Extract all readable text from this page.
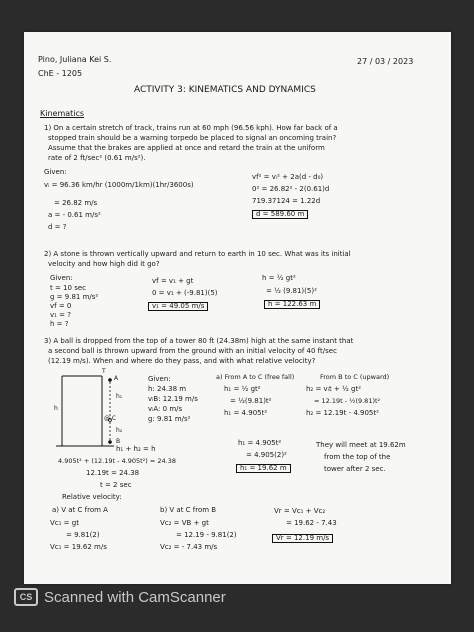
Pino, Juliana Kei S.
ChE - 1205
27 / 03 / 2023
ACTIVITY 3: KINEMATICS AND DYNAMICS
Kinematics
1) On a certain stretch of track, trains run at 60 mph (96.56 kph). How far back of a
stopped train should be a warning torpedo be placed to signal an oncoming train?
Assume that the brakes are applied at once and retard the train at the uniform
rate of 2 ft/sec² (0.61 m/s²).
Given:
vᵢ = 96.36 km/hr (1000m/1km)(1hr/3600s)
= 26.82 m/s
a = - 0.61 m/s²
d = ?
vf² = vᵢ² + 2a(d - d₀)
0² = 26.82² - 2(0.61)d
719.37124 = 1.22d
d = 589.60 m
2) A stone is thrown vertically upward and return to earth in 10 sec. What was its initial
velocity and how high did it go?
Given:
t = 10 sec
g = 9.81 m/s²
vf = 0
v₁ = ?
h = ?
vf = v₁ + gt
0 = v₁ + (-9.81)(5)
v₁ = 49.05 m/s
h = ½ gt²
= ½ (9.81)(5)²
h = 122.63 m
3) A ball is dropped from the top of a tower 80 ft (24.38m) high at the same instant that
a second ball is thrown upward from the ground with an initial velocity of 40 ft/sec
(12.19 m/s). When and where do they pass, and with what relative velocity?
T
A
h
h₁
@ C
h₂
B
Given:
h: 24.38 m
vᵢB: 12.19 m/s
vᵢA: 0 m/s
g: 9.81 m/s²
a) From A to C (free fall)
h₁ = ½ gt²
= ½(9.81)t²
h₁ = 4.905t²
From B to C (upward)
h₂ = vᵢt + ½ gt²
= 12.19t - ½(9.81)t²
h₂ = 12.19t - 4.905t²
h₁ + h₂ = h
4.905t² + (12.19t - 4.905t²) = 24.38
12.19t = 24.38
t = 2 sec
h₁ = 4.905t²
= 4.905(2)²
h₁ = 19.62 m
They will meet at 19.62m
from the top of the
tower after 2 sec.
Relative velocity:
a) V at C from A
Vc₁ = gt
= 9.81(2)
Vc₁ = 19.62 m/s
b) V at C from B
Vc₂ = VB + gt
= 12.19 - 9.81(2)
Vc₂ = - 7.43 m/s
Vr = Vc₁ + Vc₂
= 19.62 - 7.43
Vr = 12.19 m/s
CS Scanned with CamScanner
